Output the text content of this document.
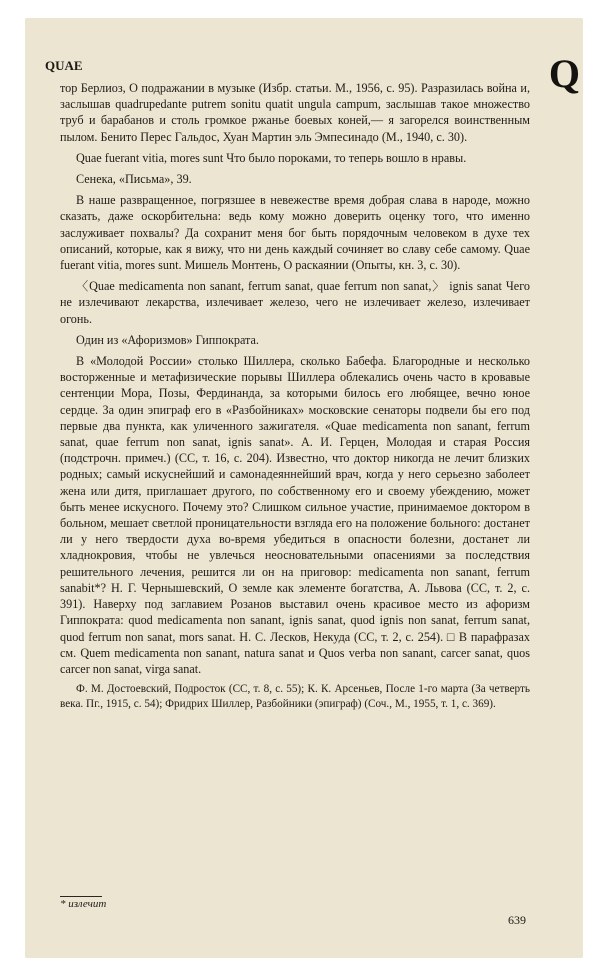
QUAE	Q

тор Берлиоз, О подражании в музыке (Избр. статьи. М., 1956, с. 95). Разразилась война и, заслышав quadrupedante putrem sonitu quatit ungula campum, заслышав такое множество труб и барабанов и столь громкое ржанье боевых коней,— я загорелся воинственным пылом. Бенито Перес Гальдос, Хуан Мартин эль Эмпесинадо (М., 1940, с. 30).

Quae fuerant vitia, mores sunt Что было пороками, то теперь вошло в нравы.

Сенека, «Письма», 39.

В наше развращенное, погрязшее в невежестве время добрая слава в народе, можно сказать, даже оскорбительна: ведь кому можно доверить оценку того, что именно заслуживает похвалы? Да сохранит меня бог быть порядочным человеком в духе тех описаний, которые, как я вижу, что ни день каждый сочиняет во славу себе самому. Quae fuerant vitia, mores sunt. Мишель Монтень, О раскаянии (Опыты, кн. 3, с. 30).

〈Quae medicamenta non sanant, ferrum sanat, quae ferrum non sanat,〉 ignis sanat Чего не излечивают лекарства, излечивает железо, чего не излечивает железо, излечивает огонь.

Один из «Афоризмов» Гиппократа.

В «Молодой России» столько Шиллера, сколько Бабефа. Благородные и несколько восторженные и метафизические порывы Шиллера облекались очень часто в кровавые сентенции Мора, Позы, Фердинанда, за которыми билось его любящее, вечно юное сердце. За один эпиграф его в «Разбойниках» московские сенаторы подвели бы его под первые два пункта, как уличенного зажигателя. «Quae medicamenta non sanant, ferrum sanat, quae ferrum non sanat, ignis sanat». А. И. Герцен, Молодая и старая Россия (подстрочн. примеч.) (СС, т. 16, с. 204). Известно, что доктор никогда не лечит близких родных; самый искуснейший и самонадеяннейший врач, когда у него серьезно заболеет жена или дитя, приглашает другого, по собственному его и своему убеждению, может быть менее искусного. Почему это? Слишком сильное участие, принимаемое доктором в больном, мешает светлой проницательности взгляда его на положение больного: достанет ли у него твердости духа во-время убедиться в опасности болезни, достанет ли хладнокровия, чтобы не увлечься неосновательными опасениями за последствия решительного лечения, решится ли он на приговор: medicamenta non sanant, ferrum sanabit*? Н. Г. Чернышевский, О земле как элементе богатства, А. Львова (СС, т. 2, с. 391). Наверху под заглавием Розанов выставил очень красивое место из афоризм Гиппократа: quod medicamenta non sanant, ignis sanat, quod ignis non sanat, ferrum sanat, quod ferrum non sanat, mors sanat. Н. С. Лесков, Некуда (СС, т. 2, с. 254). □ В парафразах см. Quem medicamenta non sanant, natura sanat и Quos verba non sanant, carcer sanat, quos carcer non sanat, virga sanat.

Ф. М. Достоевский, Подросток (СС, т. 8, с. 55); К. К. Арсеньев, После 1-го марта (За четверть века. Пг., 1915, с. 54); Фридрих Шиллер, Разбойники (эпиграф) (Соч., М., 1955, т. 1, с. 369).

* излечит
639
